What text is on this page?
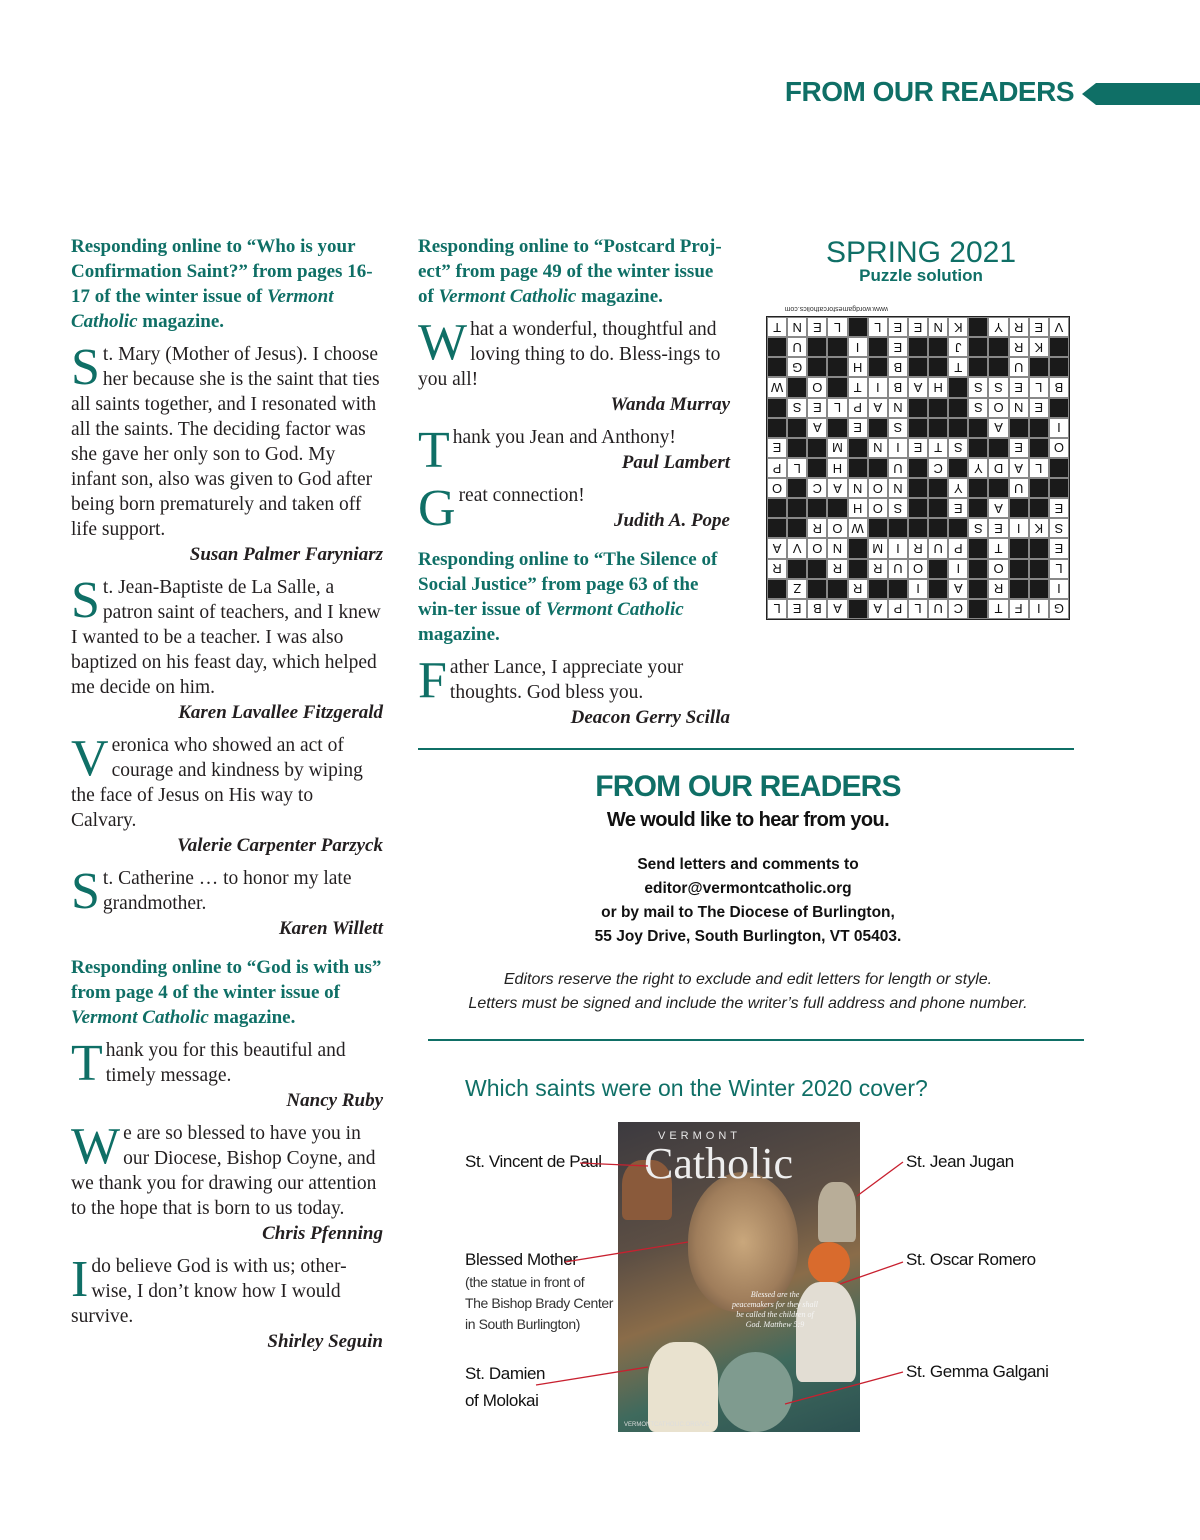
FROM OUR READERS

Responding online to “Who is your Confirmation Saint?” from pages 16-17 of the winter issue of Vermont Catholic magazine.

St. Mary (Mother of Jesus). I choose her because she is the saint that ties all saints together, and I resonated with all the saints. The deciding factor was she gave her only son to God. My infant son, also was given to God after being born prematurely and taken off life support.

Susan Palmer Faryniarz

St. Jean-Baptiste de La Salle, a patron saint of teachers, and I knew I wanted to be a teacher. I was also baptized on his feast day, which helped me decide on him.

Karen Lavallee Fitzgerald

Veronica who showed an act of courage and kindness by wiping the face of Jesus on His way to Calvary.

Valerie Carpenter Parzyck

St. Catherine … to honor my late grandmother.

Karen Willett

Responding online to “God is with us” from page 4 of the winter issue of Vermont Catholic magazine.

Thank you for this beautiful and timely message.

Nancy Ruby

We are so blessed to have you in our Diocese, Bishop Coyne, and we thank you for drawing our attention to the hope that is born to us today.

Chris Pfenning

I do believe God is with us; other-wise, I don’t know how I would survive.

Shirley Seguin

Responding online to “Postcard Proj-ect” from page 49 of the winter issue of Vermont Catholic magazine.

What a wonderful, thoughtful and loving thing to do. Bless-ings to you all!

Wanda Murray

Thank you Jean and Anthony!

Paul Lambert

Great connection!

Judith A. Pope

Responding online to “The Silence of Social Justice” from page 63 of the win-ter issue of Vermont Catholic magazine.

Father Lance, I appreciate your thoughts. God bless you.

Deacon Gerry Scilla

SPRING 2021
Puzzle solution
www.wordgamesforcatholics.com
G
I
F
T
C
U
L
P
A
A
B
E
L
I
R
A
I
R
Z
L
O
I
O
U
R
R
R
E
T
P
U
R
I
M
N
O
V
A
S
K
I
E
S
W
O
R
E
A
E
S
O
H
U
Y
N
O
N
A
C
O
L
A
D
Y
C
U
H
L
P
O
E
S
T
E
I
N
M
E
I
A
S
E
A
E
N
O
S
N
A
P
L
E
S
B
L
E
S
S
H
A
B
I
T
O
W
U
T
B
H
G
K
R
J
E
I
U
V
E
R
Y
K
N
E
E
L
L
E
N
T
FROM OUR READERS
We would like to hear from you.
Send letters and comments to
editor@vermontcatholic.org
or by mail to The Diocese of Burlington,
55 Joy Drive, South Burlington, VT 05403.
Editors reserve the right to exclude and edit letters for length or style.
Letters must be signed and include the writer’s full address and phone number.
Which saints were on the Winter 2020 cover?
VERMONT
Catholic
Blessed are the peacemakers for they shall be called the children of God. Matthew 5:9
VERMONTCATHOLIC.ORG/VC
St. Vincent de Paul
Blessed Mother
(the statue in front of
The Bishop Brady Center
in South Burlington)
St. Damien
of Molokai
St. Jean Jugan
St. Oscar Romero
St. Gemma Galgani
